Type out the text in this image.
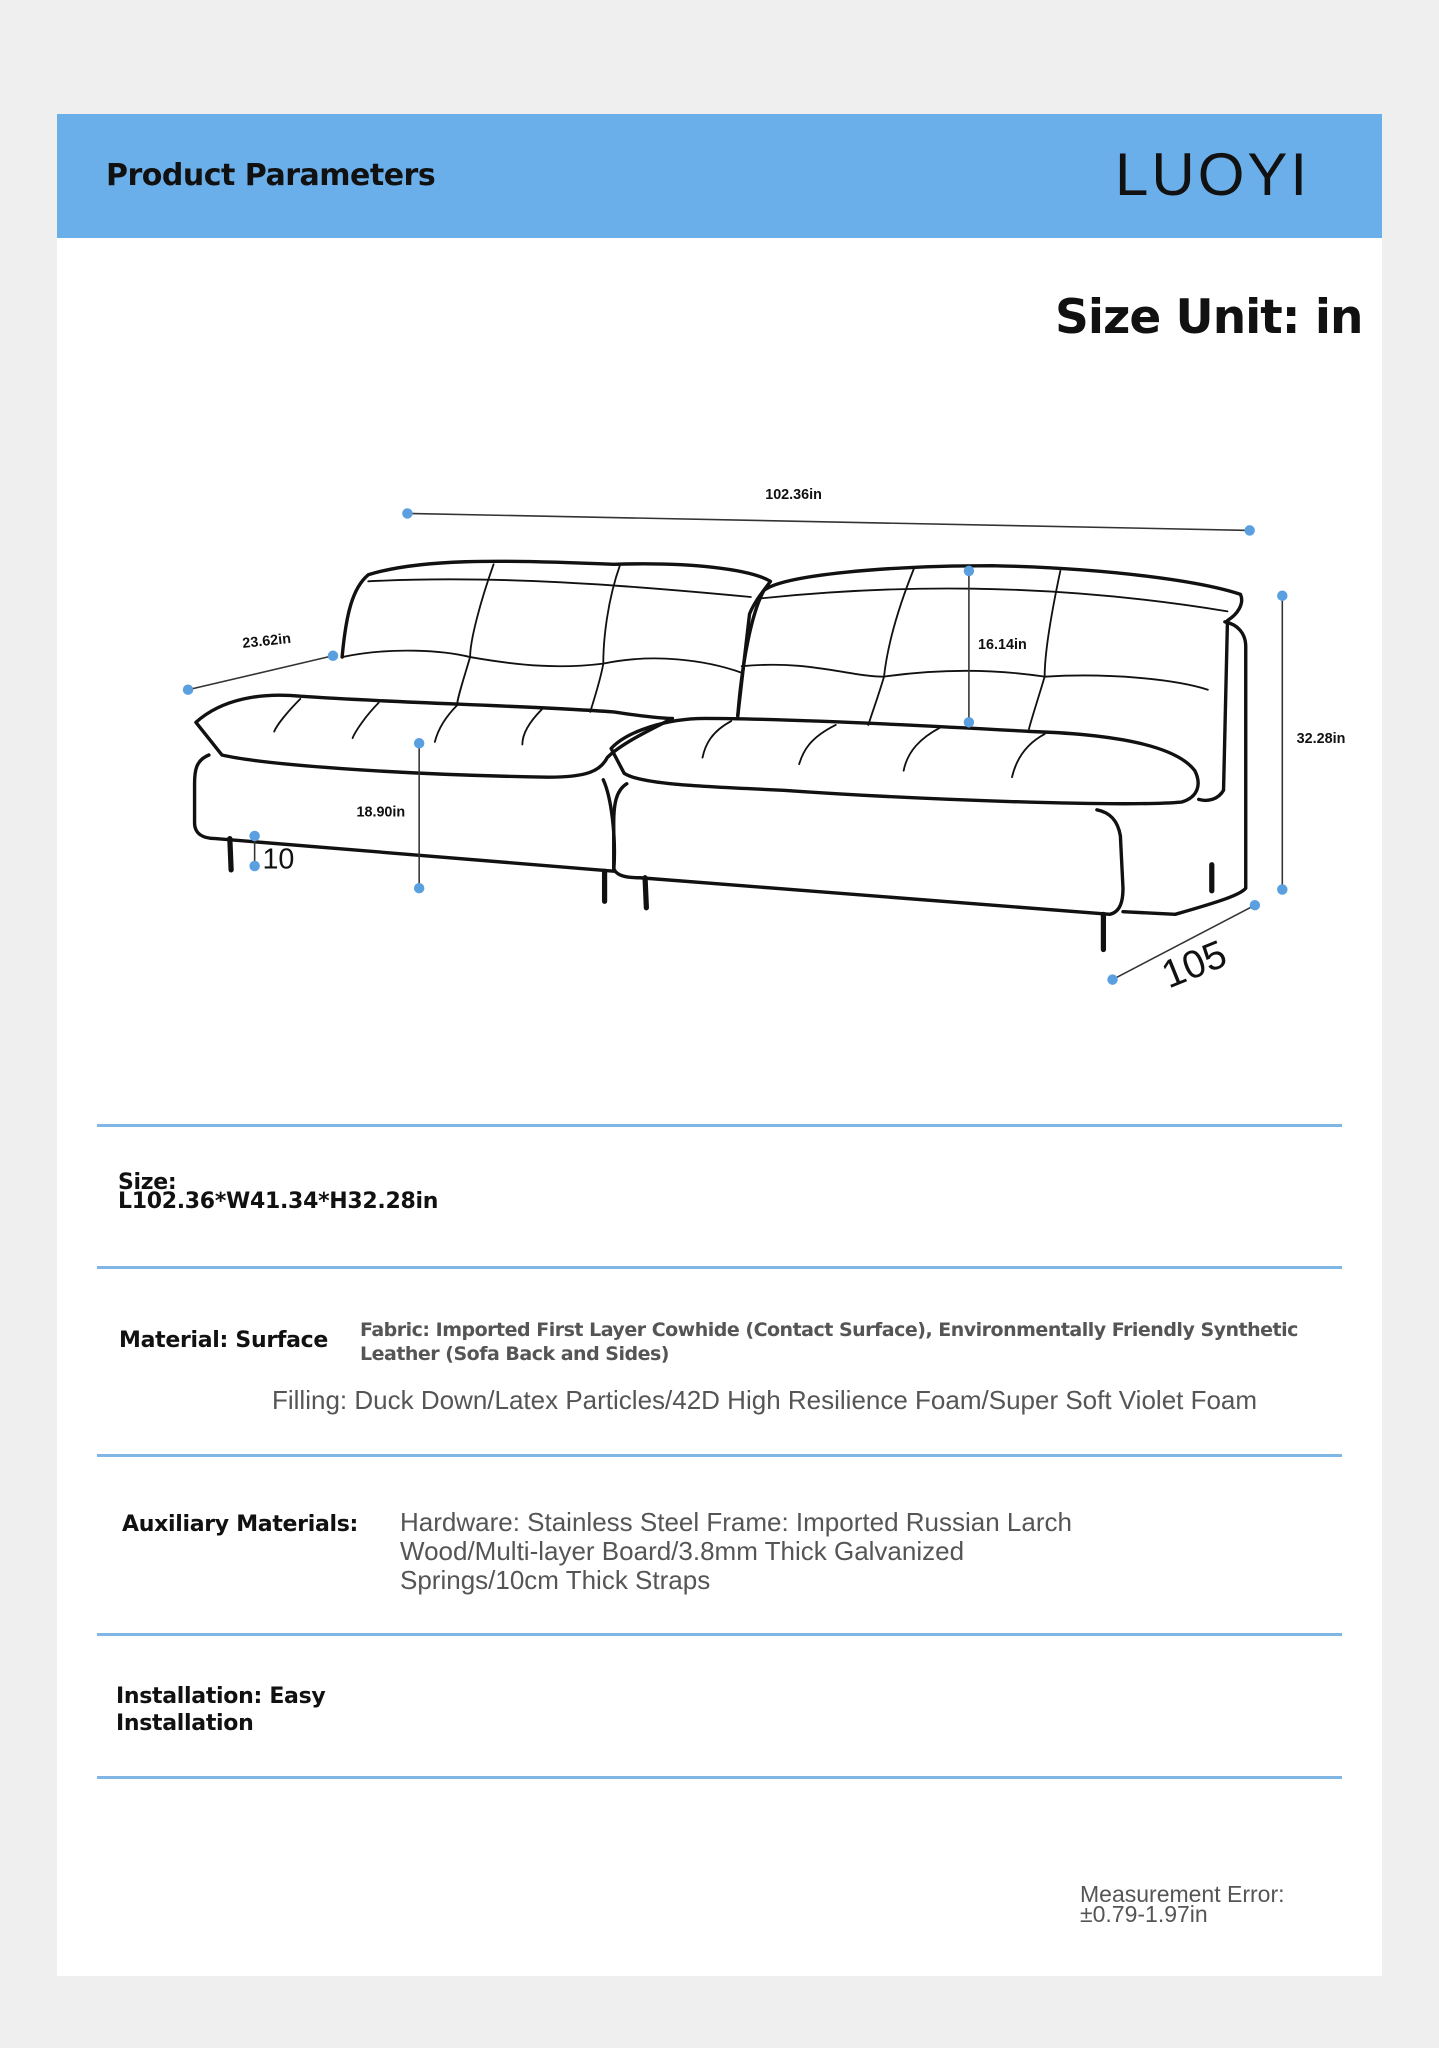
Product Parameters	LUOYI
Size Unit: in
102.36in
23.62in	16.14in
18.90in
32.28in
10
105
Size:
L102.36*W41.34*H32.28in
Material: Surface Fabric: Imported First Layer Cowhide (Contact Surface), Environmentally Friendly Synthetic Leather (Sofa Back and Sides)
Filling: Duck Down/Latex Particles/42D High Resilience Foam/Super Soft Violet Foam
Auxiliary Materials: Hardware: Stainless Steel Frame: Imported Russian Larch
Wood/Multi-layer Board/3.8mm Thick Galvanized
Springs/10cm Thick Straps
Installation: Easy
Installation
Measurement Error:
±0.79-1.97in
